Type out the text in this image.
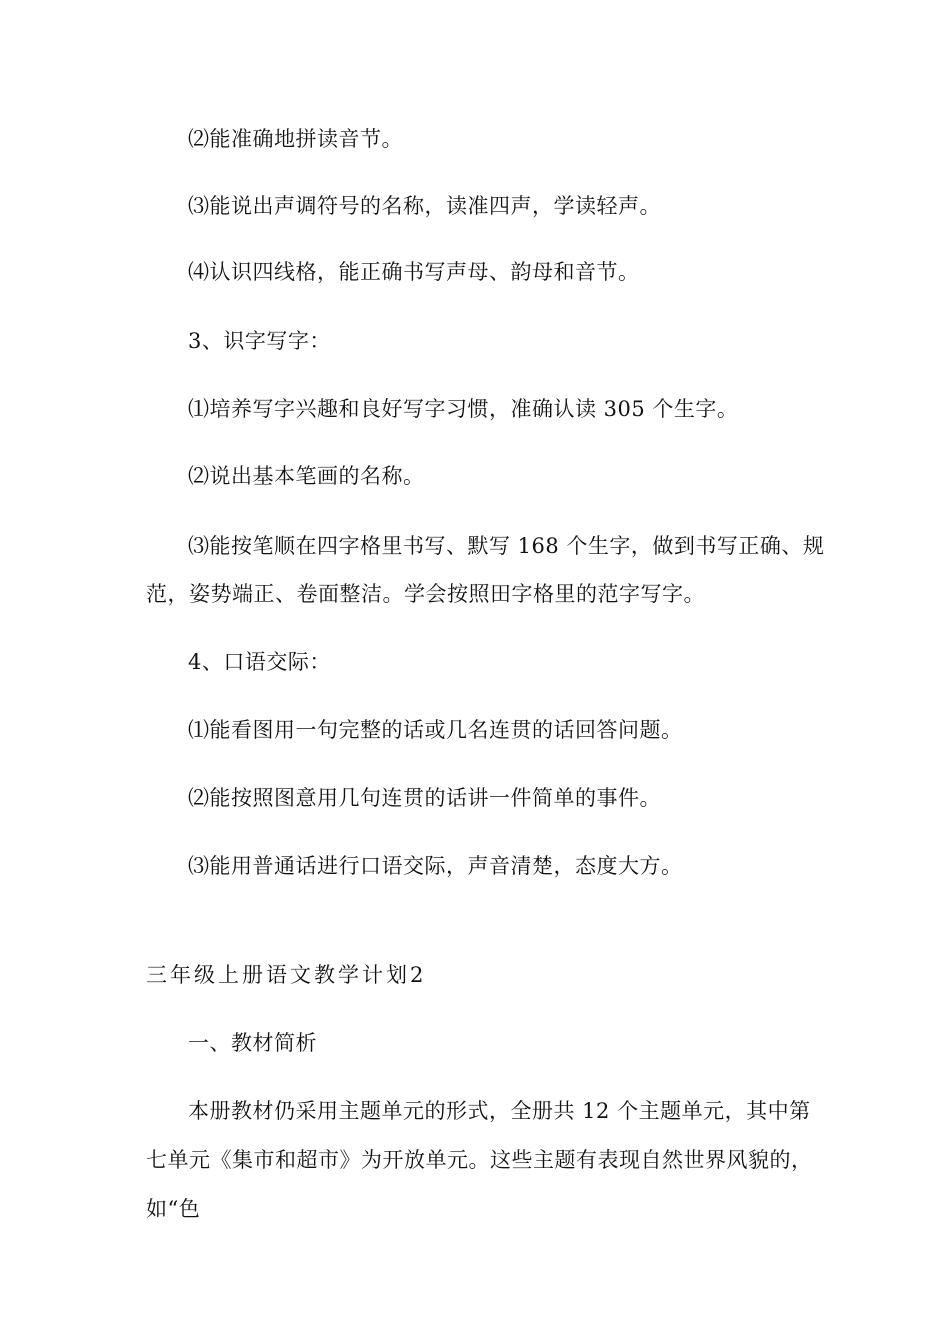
⑵能准确地拼读音节。
⑶能说出声调符号的名称，读准四声，学读轻声。
⑷认识四线格，能正确书写声母、韵母和音节。
3、识字写字：
⑴培养写字兴趣和良好写字习惯，准确认读 305 个生字。
⑵说出基本笔画的名称。
⑶能按笔顺在四字格里书写、默写 168 个生字，做到书写正确、规
范，姿势端正、卷面整洁。学会按照田字格里的范字写字。
4、口语交际：
⑴能看图用一句完整的话或几名连贯的话回答问题。
⑵能按照图意用几句连贯的话讲一件简单的事件。
⑶能用普通话进行口语交际，声音清楚，态度大方。
三年级上册语文教学计划2
一、教材简析
本册教材仍采用主题单元的形式，全册共 12 个主题单元，其中第
七单元《集市和超市》为开放单元。这些主题有表现自然世界风貌的，
如“色
